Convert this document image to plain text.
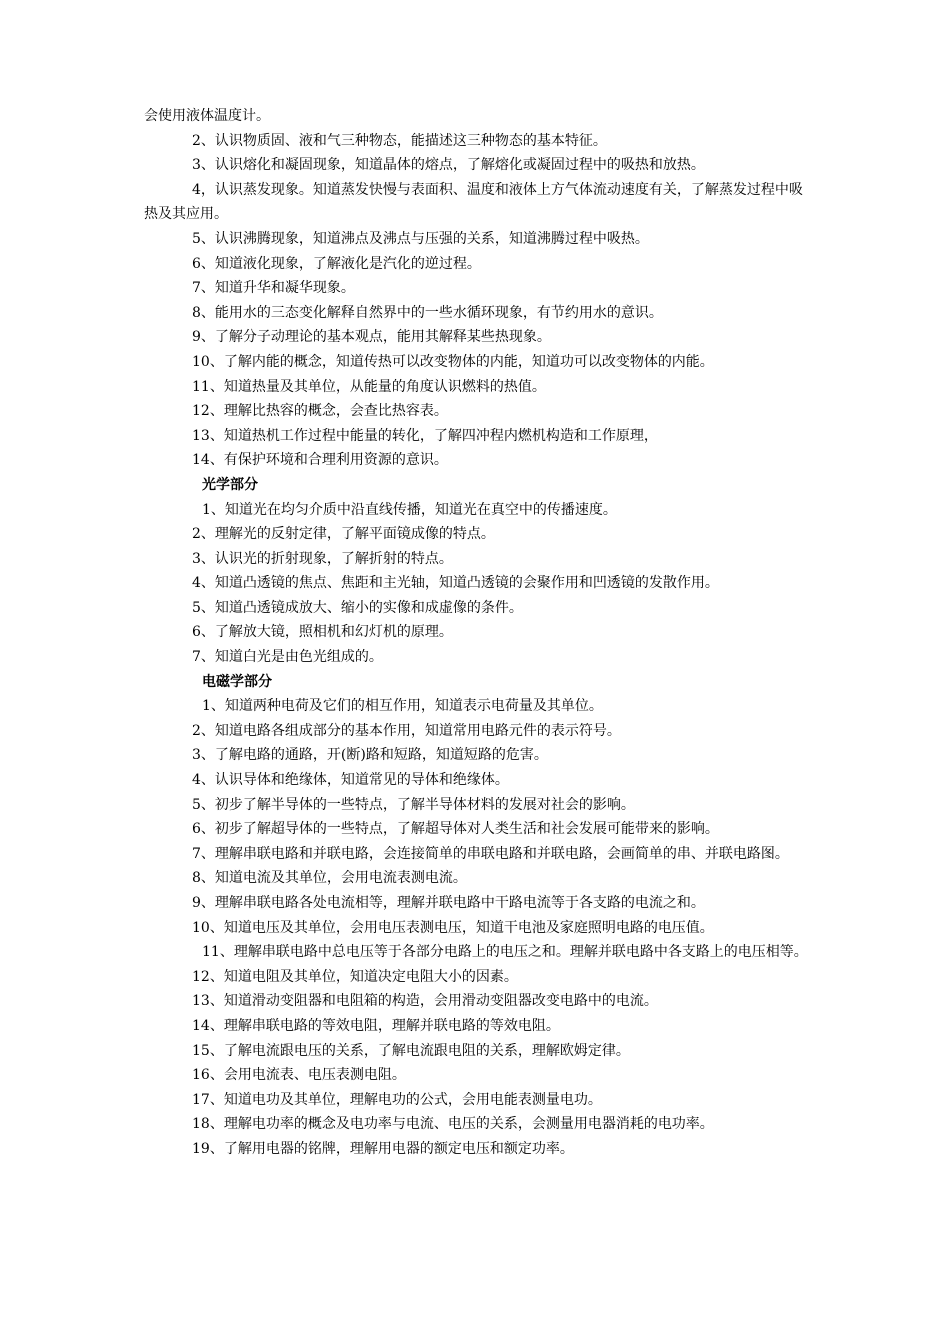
会使用液体温度计。
2、认识物质固、液和气三种物态，能描述这三种物态的基本特征。
3、认识熔化和凝固现象，知道晶体的熔点，了解熔化或凝固过程中的吸热和放热。
4，认识蒸发现象。知道蒸发快慢与表面积、温度和液体上方气体流动速度有关，了解蒸发过程中吸热及其应用。
5、认识沸腾现象，知道沸点及沸点与压强的关系，知道沸腾过程中吸热。
6、知道液化现象，了解液化是汽化的逆过程。
7、知道升华和凝华现象。
8、能用水的三态变化解释自然界中的一些水循环现象，有节约用水的意识。
9、了解分子动理论的基本观点，能用其解释某些热现象。
10、了解内能的概念，知道传热可以改变物体的内能，知道功可以改变物体的内能。
11、知道热量及其单位，从能量的角度认识燃料的热值。
12、理解比热容的概念，会查比热容表。
13、知道热机工作过程中能量的转化，了解四冲程内燃机构造和工作原理，
14、有保护环境和合理利用资源的意识。
光学部分
1、知道光在均匀介质中沿直线传播，知道光在真空中的传播速度。
2、理解光的反射定律，了解平面镜成像的特点。
3、认识光的折射现象，了解折射的特点。
4、知道凸透镜的焦点、焦距和主光轴，知道凸透镜的会聚作用和凹透镜的发散作用。
5、知道凸透镜成放大、缩小的实像和成虚像的条件。
6、了解放大镜，照相机和幻灯机的原理。
7、知道白光是由色光组成的。
电磁学部分
1、知道两种电荷及它们的相互作用，知道表示电荷量及其单位。
2、知道电路各组成部分的基本作用，知道常用电路元件的表示符号。
3、了解电路的通路，开(断)路和短路，知道短路的危害。
4、认识导体和绝缘体，知道常见的导体和绝缘体。
5、初步了解半导体的一些特点，了解半导体材料的发展对社会的影响。
6、初步了解超导体的一些特点，了解超导体对人类生活和社会发展可能带来的影响。
7、理解串联电路和并联电路，会连接简单的串联电路和并联电路，会画简单的串、并联电路图。
8、知道电流及其单位，会用电流表测电流。
9、理解串联电路各处电流相等，理解并联电路中干路电流等于各支路的电流之和。
10、知道电压及其单位，会用电压表测电压，知道干电池及家庭照明电路的电压值。
11、理解串联电路中总电压等于各部分电路上的电压之和。理解并联电路中各支路上的电压相等。
12、知道电阻及其单位，知道决定电阻大小的因素。
13、知道滑动变阻器和电阻箱的构造，会用滑动变阻器改变电路中的电流。
14、理解串联电路的等效电阻，理解并联电路的等效电阻。
15、了解电流跟电压的关系，了解电流跟电阻的关系，理解欧姆定律。
16、会用电流表、电压表测电阻。
17、知道电功及其单位，理解电功的公式，会用电能表测量电功。
18、理解电功率的概念及电功率与电流、电压的关系，会测量用电器消耗的电功率。
19、了解用电器的铭牌，理解用电器的额定电压和额定功率。
